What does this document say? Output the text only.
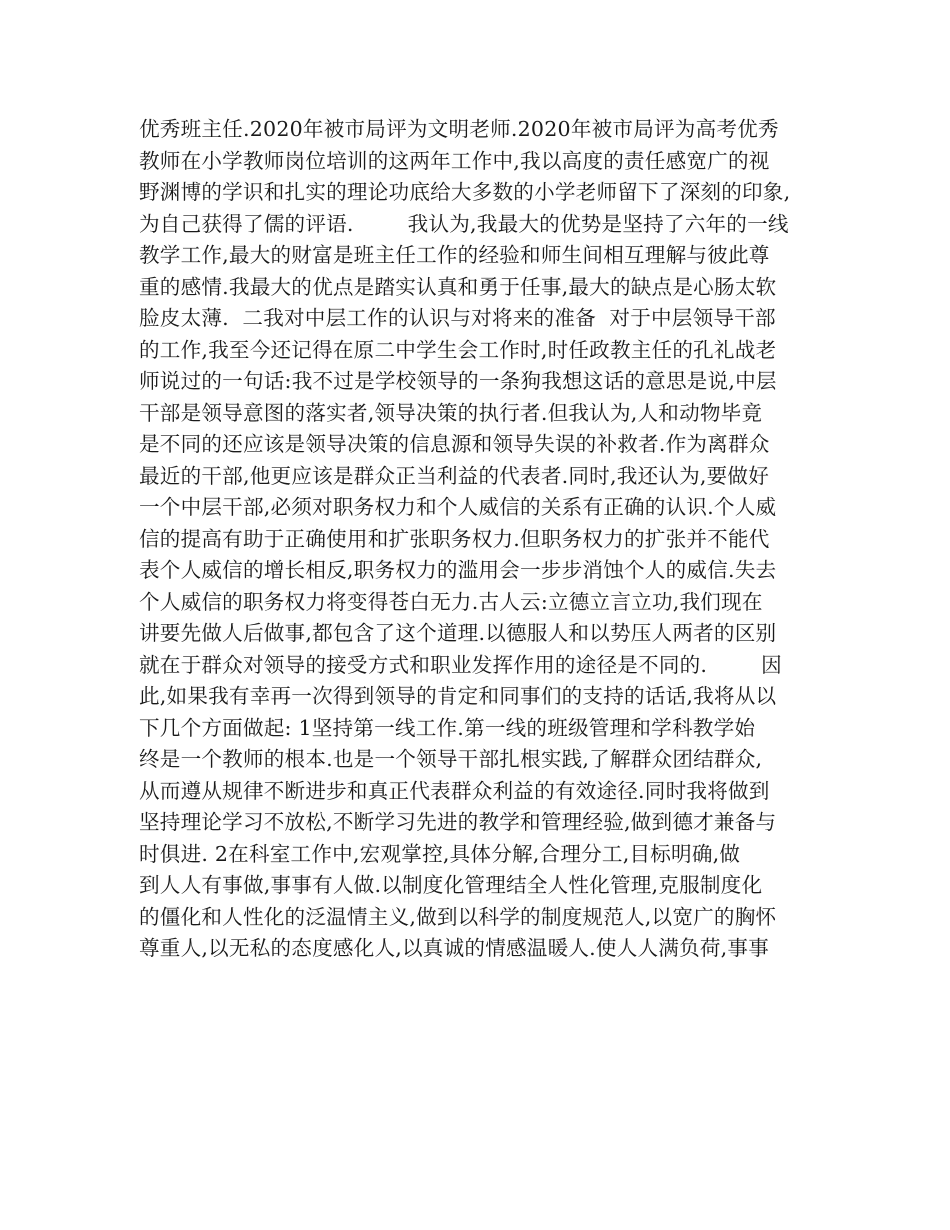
优秀班主任.2020年被市局评为文明老师.2020年被市局评为高考优秀
教师在小学教师岗位培训的这两年工作中,我以高度的责任感宽广的视
野渊博的学识和扎实的理论功底给大多数的小学老师留下了深刻的印象,
为自己获得了儒的评语.        我认为,我最大的优势是坚持了六年的一线
教学工作,最大的财富是班主任工作的经验和师生间相互理解与彼此尊
重的感情.我最大的优点是踏实认真和勇于任事,最大的缺点是心肠太软
脸皮太薄.  二我对中层工作的认识与对将来的准备  对于中层领导干部
的工作,我至今还记得在原二中学生会工作时,时任政教主任的孔礼战老
师说过的一句话:我不过是学校领导的一条狗我想这话的意思是说,中层
干部是领导意图的落实者,领导决策的执行者.但我认为,人和动物毕竟
是不同的还应该是领导决策的信息源和领导失误的补救者.作为离群众
最近的干部,他更应该是群众正当利益的代表者.同时,我还认为,要做好
一个中层干部,必须对职务权力和个人威信的关系有正确的认识.个人威
信的提高有助于正确使用和扩张职务权力.但职务权力的扩张并不能代
表个人威信的增长相反,职务权力的滥用会一步步消蚀个人的威信.失去
个人威信的职务权力将变得苍白无力.古人云:立德立言立功,我们现在
讲要先做人后做事,都包含了这个道理.以德服人和以势压人两者的区别
就在于群众对领导的接受方式和职业发挥作用的途径是不同的.        因
此,如果我有幸再一次得到领导的肯定和同事们的支持的话话,我将从以
下几个方面做起: 1坚持第一线工作.第一线的班级管理和学科教学始
终是一个教师的根本.也是一个领导干部扎根实践,了解群众团结群众,
从而遵从规律不断进步和真正代表群众利益的有效途径.同时我将做到
坚持理论学习不放松,不断学习先进的教学和管理经验,做到德才兼备与
时俱进. 2在科室工作中,宏观掌控,具体分解,合理分工,目标明确,做
到人人有事做,事事有人做.以制度化管理结全人性化管理,克服制度化
的僵化和人性化的泛温情主义,做到以科学的制度规范人,以宽广的胸怀
尊重人,以无私的态度感化人,以真诚的情感温暖人.使人人满负荷,事事
